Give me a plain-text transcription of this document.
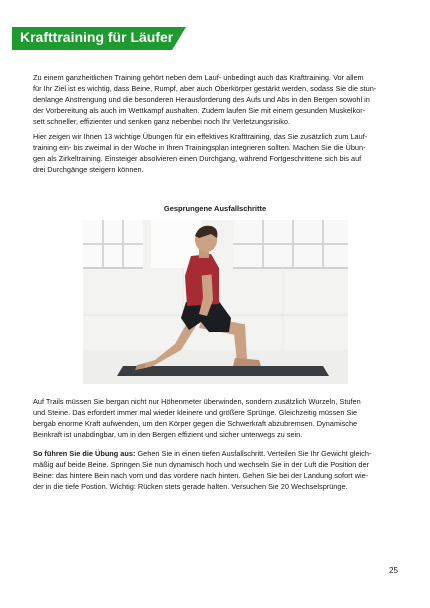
Krafttraining für Läufer

Zu einem ganzheitlichen Training gehört neben dem Lauf- unbedingt auch das Krafttraining. Vor allem
für Ihr Ziel ist es wichtig, dass Beine, Rumpf, aber auch Oberkörper gestärkt werden, sodass Sie die stun-
denlange Anstrengung und die besonderen Herausforderung des Aufs und Abs in den Bergen sowohl in
der Vorbereitung als auch im Wettkampf aushalten. Zudem laufen Sie mit einem gesunden Muskelkor-
sett schneller, effizienter und senken ganz nebenbei noch Ihr Verletzungsrisiko.

Hier zeigen wir Ihnen 13 wichtige Übungen für ein effektives Krafttraining, das Sie zusätzlich zum Lauf-
training ein- bis zweimal in der Woche in Ihren Trainingsplan integrieren sollten. Machen Sie die Übun-
gen als Zirkeltraining. Einsteiger absolvieren einen Durchgang, während Fortgeschrittene sich bis auf
drei Durchgänge steigern können.

Gesprungene Ausfallschritte

Auf Trails müssen Sie bergan nicht nur Höhenmeter überwinden, sondern zusätzlich Wurzeln, Stufen
und Steine. Das erfordert immer mal wieder kleinere und größere Sprünge. Gleichzeitig müssen Sie
bergab enorme Kraft aufwenden, um den Körper gegen die Schwerkraft abzubremsen. Dynamische
Beinkraft ist unabdingbar, um in den Bergen effizient und sicher unterwegs zu sein.

So führen Sie die Übung aus: Gehen Sie in einen tiefen Ausfallschritt. Verteilen Sie Ihr Gewicht gleich-
mäßig auf beide Beine. Springen Sie nun dynamisch hoch und wechseln Sie in der Luft die Position der
Beine: das hintere Bein nach vorn und das vordere nach hinten. Gehen Sie bei der Landung sofort wie-
der in die tiefe Postion. Wichtig: Rücken stets gerade halten. Versuchen Sie 20 Wechselsprünge.

25
